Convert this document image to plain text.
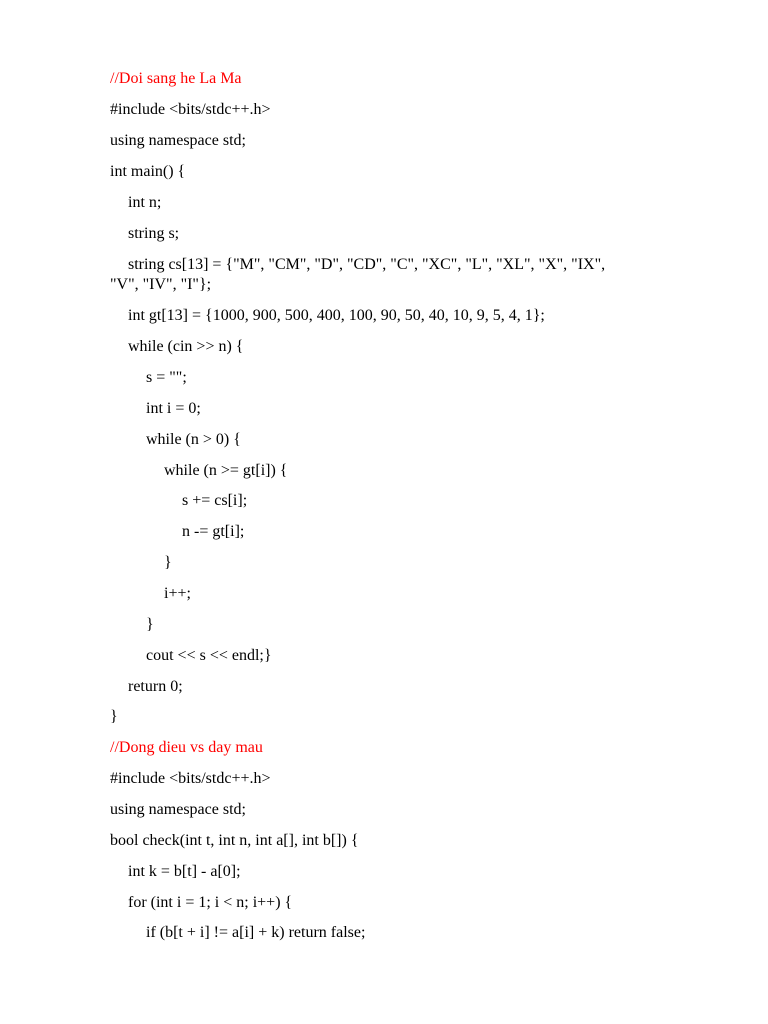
//Doi sang he La Ma
#include <bits/stdc++.h>
using namespace std;
int main() {
int n;
string s;
string cs[13] = {"M", "CM", "D", "CD", "C", "XC", "L", "XL", "X", "IX",
"V", "IV", "I"};
int gt[13] = {1000, 900, 500, 400, 100, 90, 50, 40, 10, 9, 5, 4, 1};
while (cin >> n) {
s = "";
int i = 0;
while (n > 0) {
while (n >= gt[i]) {
s += cs[i];
n -= gt[i];
}
i++;
}
cout << s << endl;}
return 0;
}
//Dong dieu vs day mau
#include <bits/stdc++.h>
using namespace std;
bool check(int t, int n, int a[], int b[]) {
int k = b[t] - a[0];
for (int i = 1; i < n; i++) {
if (b[t + i] != a[i] + k) return false;
